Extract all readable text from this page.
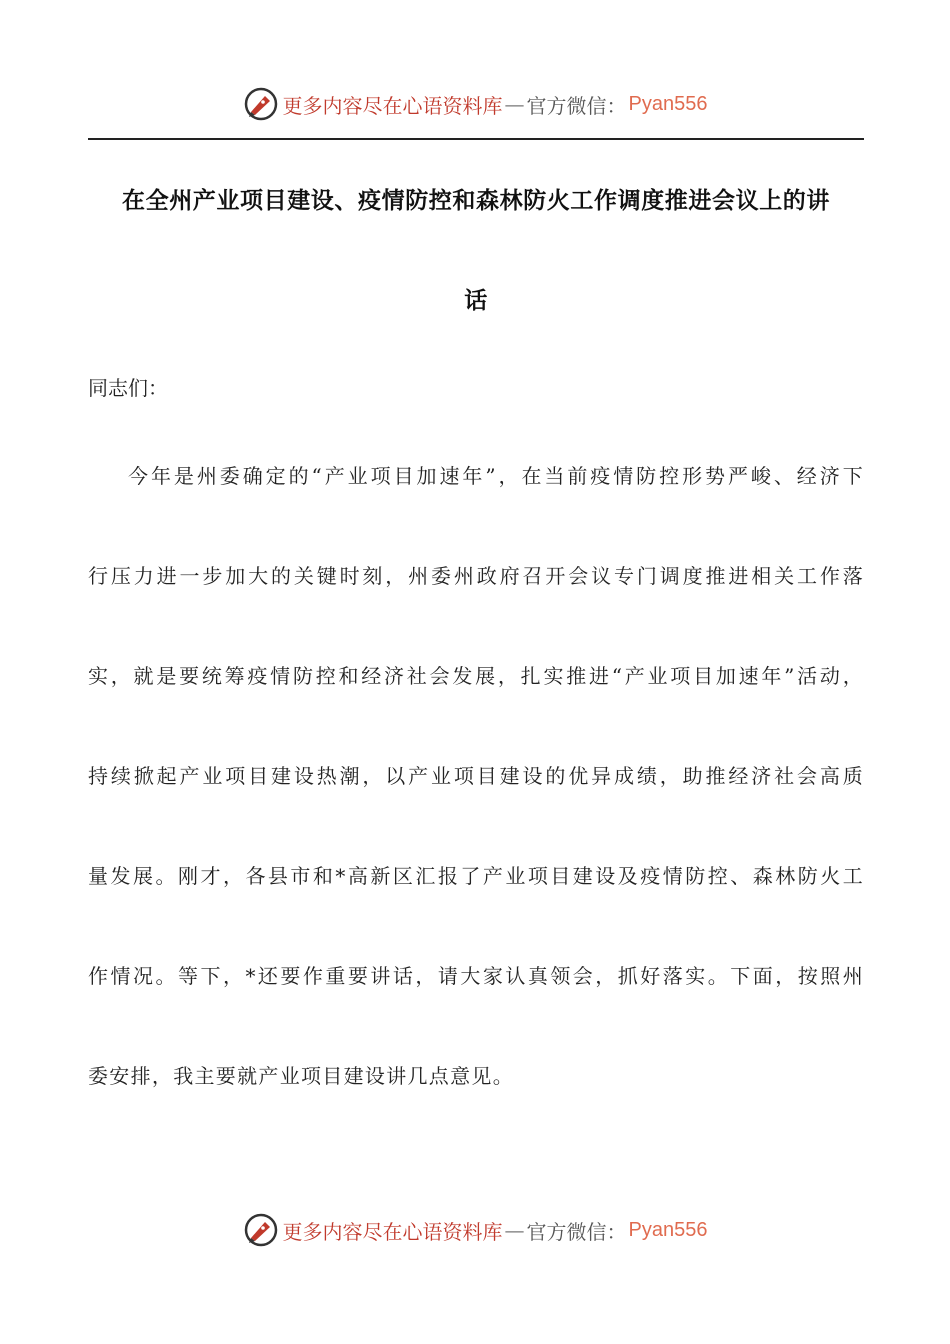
更多内容尽在心语资料库 — 官方微信： Pyan556
在全州产业项目建设、疫情防控和森林防火工作调度推进会议上的讲
话
同志们：
今年是州委确定的“产业项目加速年”，在当前疫情防控形势严峻、经济下
行压力进一步加大的关键时刻，州委州政府召开会议专门调度推进相关工作落
实，就是要统筹疫情防控和经济社会发展，扎实推进“产业项目加速年”活动，
持续掀起产业项目建设热潮，以产业项目建设的优异成绩，助推经济社会高质
量发展。刚才，各县市和*高新区汇报了产业项目建设及疫情防控、森林防火工
作情况。等下，*还要作重要讲话，请大家认真领会，抓好落实。下面，按照州
委安排，我主要就产业项目建设讲几点意见。
更多内容尽在心语资料库 — 官方微信： Pyan556
